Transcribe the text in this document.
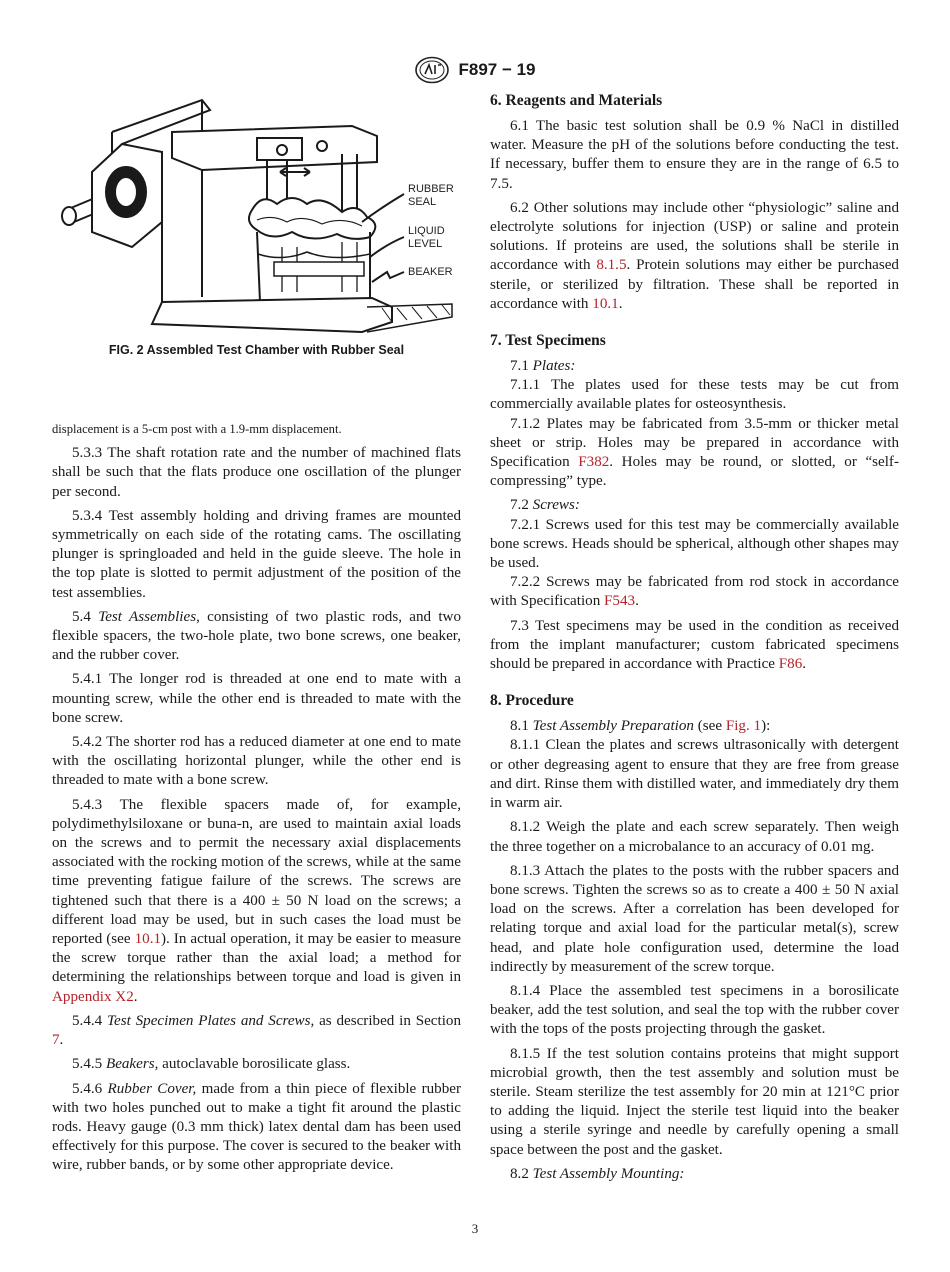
F897 − 19
RUBBER
SEAL
LIQUID
LEVEL
BEAKER
FIG. 2 Assembled Test Chamber with Rubber Seal

displacement is a 5-cm post with a 1.9-mm displacement.

5.3.3 The shaft rotation rate and the number of machined flats shall be such that the flats produce one oscillation of the plunger per second.

5.3.4 Test assembly holding and driving frames are mounted symmetrically on each side of the rotating cams. The oscillating plunger is springloaded and held in the guide sleeve. The hole in the top plate is slotted to permit adjustment of the position of the test assemblies.

5.4 Test Assemblies, consisting of two plastic rods, and two flexible spacers, the two-hole plate, two bone screws, one beaker, and the rubber cover.

5.4.1 The longer rod is threaded at one end to mate with a mounting screw, while the other end is threaded to mate with the bone screw.

5.4.2 The shorter rod has a reduced diameter at one end to mate with the oscillating horizontal plunger, while the other end is threaded to mate with a bone screw.

5.4.3 The flexible spacers made of, for example, polydimethylsiloxane or buna-n, are used to maintain axial loads on the screws and to permit the necessary axial displacements associated with the rocking motion of the screws, while at the same time preventing fatigue failure of the screws. The screws are tightened such that there is a 400 ± 50 N load on the screws; a different load may be used, but in such cases the load must be reported (see 10.1). In actual operation, it may be easier to measure the screw torque rather than the axial load; a method for determining the relationships between torque and load is given in Appendix X2.

5.4.4 Test Specimen Plates and Screws, as described in Section 7.

5.4.5 Beakers, autoclavable borosilicate glass.

5.4.6 Rubber Cover, made from a thin piece of flexible rubber with two holes punched out to make a tight fit around the plastic rods. Heavy gauge (0.3 mm thick) latex dental dam has been used effectively for this purpose. The cover is secured to the beaker with wire, rubber bands, or by some other appropriate device.

6. Reagents and Materials

6.1 The basic test solution shall be 0.9 % NaCl in distilled water. Measure the pH of the solutions before conducting the test. If necessary, buffer them to ensure they are in the range of 6.5 to 7.5.

6.2 Other solutions may include other “physiologic” saline and electrolyte solutions for injection (USP) or saline and protein solutions. If proteins are used, the solutions shall be sterile in accordance with 8.1.5. Protein solutions may either be purchased sterile, or sterilized by filtration. These shall be reported in accordance with 10.1.

7. Test Specimens

7.1 Plates:

7.1.1 The plates used for these tests may be cut from commercially available plates for osteosynthesis.

7.1.2 Plates may be fabricated from 3.5-mm or thicker metal sheet or strip. Holes may be prepared in accordance with Specification F382. Holes may be round, or slotted, or “self-compressing” type.

7.2 Screws:

7.2.1 Screws used for this test may be commercially available bone screws. Heads should be spherical, although other shapes may be used.

7.2.2 Screws may be fabricated from rod stock in accordance with Specification F543.

7.3 Test specimens may be used in the condition as received from the implant manufacturer; custom fabricated specimens should be prepared in accordance with Practice F86.

8. Procedure

8.1 Test Assembly Preparation (see Fig. 1):

8.1.1 Clean the plates and screws ultrasonically with detergent or other degreasing agent to ensure that they are free from grease and dirt. Rinse them with distilled water, and immediately dry them in warm air.

8.1.2 Weigh the plate and each screw separately. Then weigh the three together on a microbalance to an accuracy of 0.01 mg.

8.1.3 Attach the plates to the posts with the rubber spacers and bone screws. Tighten the screws so as to create a 400 ± 50 N axial load on the screws. After a correlation has been developed for relating torque and axial load for the particular metal(s), screw head, and plate hole configuration used, determine the load indirectly by measurement of the screw torque.

8.1.4 Place the assembled test specimens in a borosilicate beaker, add the test solution, and seal the top with the rubber cover with the tops of the posts projecting through the gasket.

8.1.5 If the test solution contains proteins that might support microbial growth, then the test assembly and solution must be sterile. Steam sterilize the test assembly for 20 min at 121°C prior to adding the liquid. Inject the sterile test liquid into the beaker using a sterile syringe and needle by carefully opening a small space between the post and the gasket.

8.2 Test Assembly Mounting:

3
